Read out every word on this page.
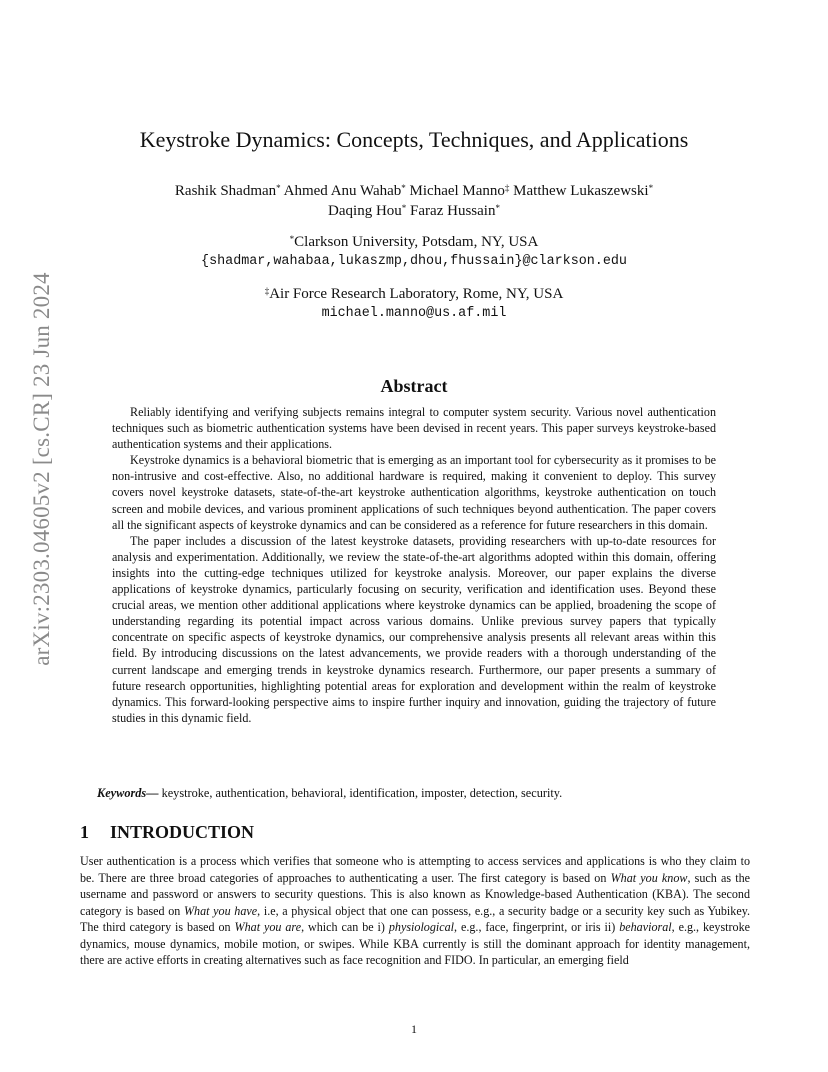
arXiv:2303.04605v2 [cs.CR] 23 Jun 2024
Keystroke Dynamics: Concepts, Techniques, and Applications
Rashik Shadman* Ahmed Anu Wahab* Michael Manno‡ Matthew Lukaszewski*
Daqing Hou* Faraz Hussain*
*Clarkson University, Potsdam, NY, USA
{shadmar,wahabaa,lukaszmp,dhou,fhussain}@clarkson.edu
‡Air Force Research Laboratory, Rome, NY, USA
michael.manno@us.af.mil
Abstract

Reliably identifying and verifying subjects remains integral to computer system security. Various novel authentication techniques such as biometric authentication systems have been devised in recent years. This paper surveys keystroke-based authentication systems and their applications.

Keystroke dynamics is a behavioral biometric that is emerging as an important tool for cybersecurity as it promises to be non-intrusive and cost-effective. Also, no additional hardware is required, making it convenient to deploy. This survey covers novel keystroke datasets, state-of-the-art keystroke authentication algorithms, keystroke authentication on touch screen and mobile devices, and various prominent applications of such techniques beyond authentication. The paper covers all the significant aspects of keystroke dynamics and can be considered as a reference for future researchers in this domain.

The paper includes a discussion of the latest keystroke datasets, providing researchers with up-to-date resources for analysis and experimentation. Additionally, we review the state-of-the-art algorithms adopted within this domain, offering insights into the cutting-edge techniques utilized for keystroke analysis. Moreover, our paper explains the diverse applications of keystroke dynamics, particularly focusing on security, verification and identification uses. Beyond these crucial areas, we mention other additional applications where keystroke dynamics can be applied, broadening the scope of understanding regarding its potential impact across various domains. Unlike previous survey papers that typically concentrate on specific aspects of keystroke dynamics, our comprehensive analysis presents all relevant areas within this field. By introducing discussions on the latest advancements, we provide readers with a thorough understanding of the current landscape and emerging trends in keystroke dynamics research. Furthermore, our paper presents a summary of future research opportunities, highlighting potential areas for exploration and development within the realm of keystroke dynamics. This forward-looking perspective aims to inspire further inquiry and innovation, guiding the trajectory of future studies in this dynamic field.

Keywords— keystroke, authentication, behavioral, identification, imposter, detection, security.
1 INTRODUCTION

User authentication is a process which verifies that someone who is attempting to access services and applications is who they claim to be. There are three broad categories of approaches to authenticating a user. The first category is based on What you know, such as the username and password or answers to security questions. This is also known as Knowledge-based Authentication (KBA). The second category is based on What you have, i.e, a physical object that one can possess, e.g., a security badge or a security key such as Yubikey. The third category is based on What you are, which can be i) physiological, e.g., face, fingerprint, or iris ii) behavioral, e.g., keystroke dynamics, mouse dynamics, mobile motion, or swipes. While KBA currently is still the dominant approach for identity management, there are active efforts in creating alternatives such as face recognition and FIDO. In particular, an emerging field

1
